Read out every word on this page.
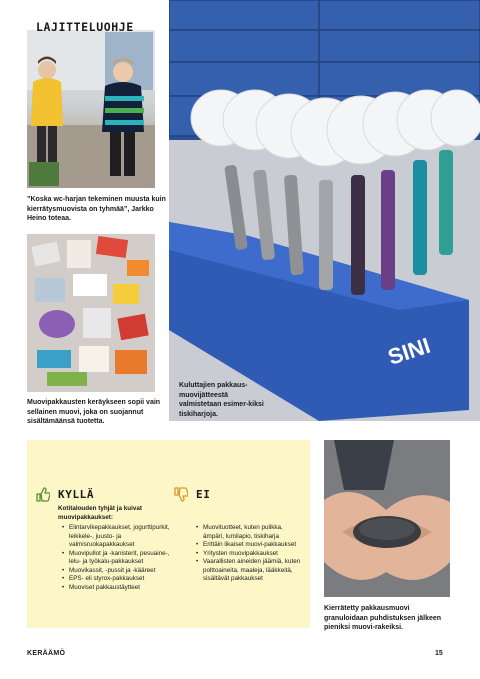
”Koska wc-harjan tekeminen muusta kuin kierrätysmuovista on tyhmää”, Jarkko Heino toteaa.
Muovipakkausten keräykseen sopii vain sellainen muovi, joka on suojannut sisältämäänsä tuotetta.
SINI
Kuluttajien pakkaus-muovijätteestä valmistetaan esimer-kiksi tiskiharjoja.
LAJITTELUOHJE
KYLLÄ
Kotitalouden tyhjät ja kuivat muovipakkaukset:
• Elintarvikepakkaukset, jogurttipurkit, leikkele-, juusto- ja valmisruokapakkaukset
• Muovipullot ja -kanisterit, pesuaine-, lelu- ja työkalu-pakkaukset
• Muovikassit, -pussit ja -kääreet
• EPS- eli styrox-pakkaukset
• Muoviset pakkaustäytteet
EI
• Muovituotteet, kuten pulikka, ämpäri, lumilapio, tiskiharja
• Erittäin likaiset muovi-pakkaukset
• Yritysten muovipakkaukset
• Vaarallisten aineiden jäämiä, kuten polttoaineita, maaleja, lääkkeitä, sisältävät pakkaukset
Kierrätetty pakkausmuovi granuloidaan puhdistuksen jälkeen pieniksi muovi-rakeiksi.
KERÄÄMÖ	15
